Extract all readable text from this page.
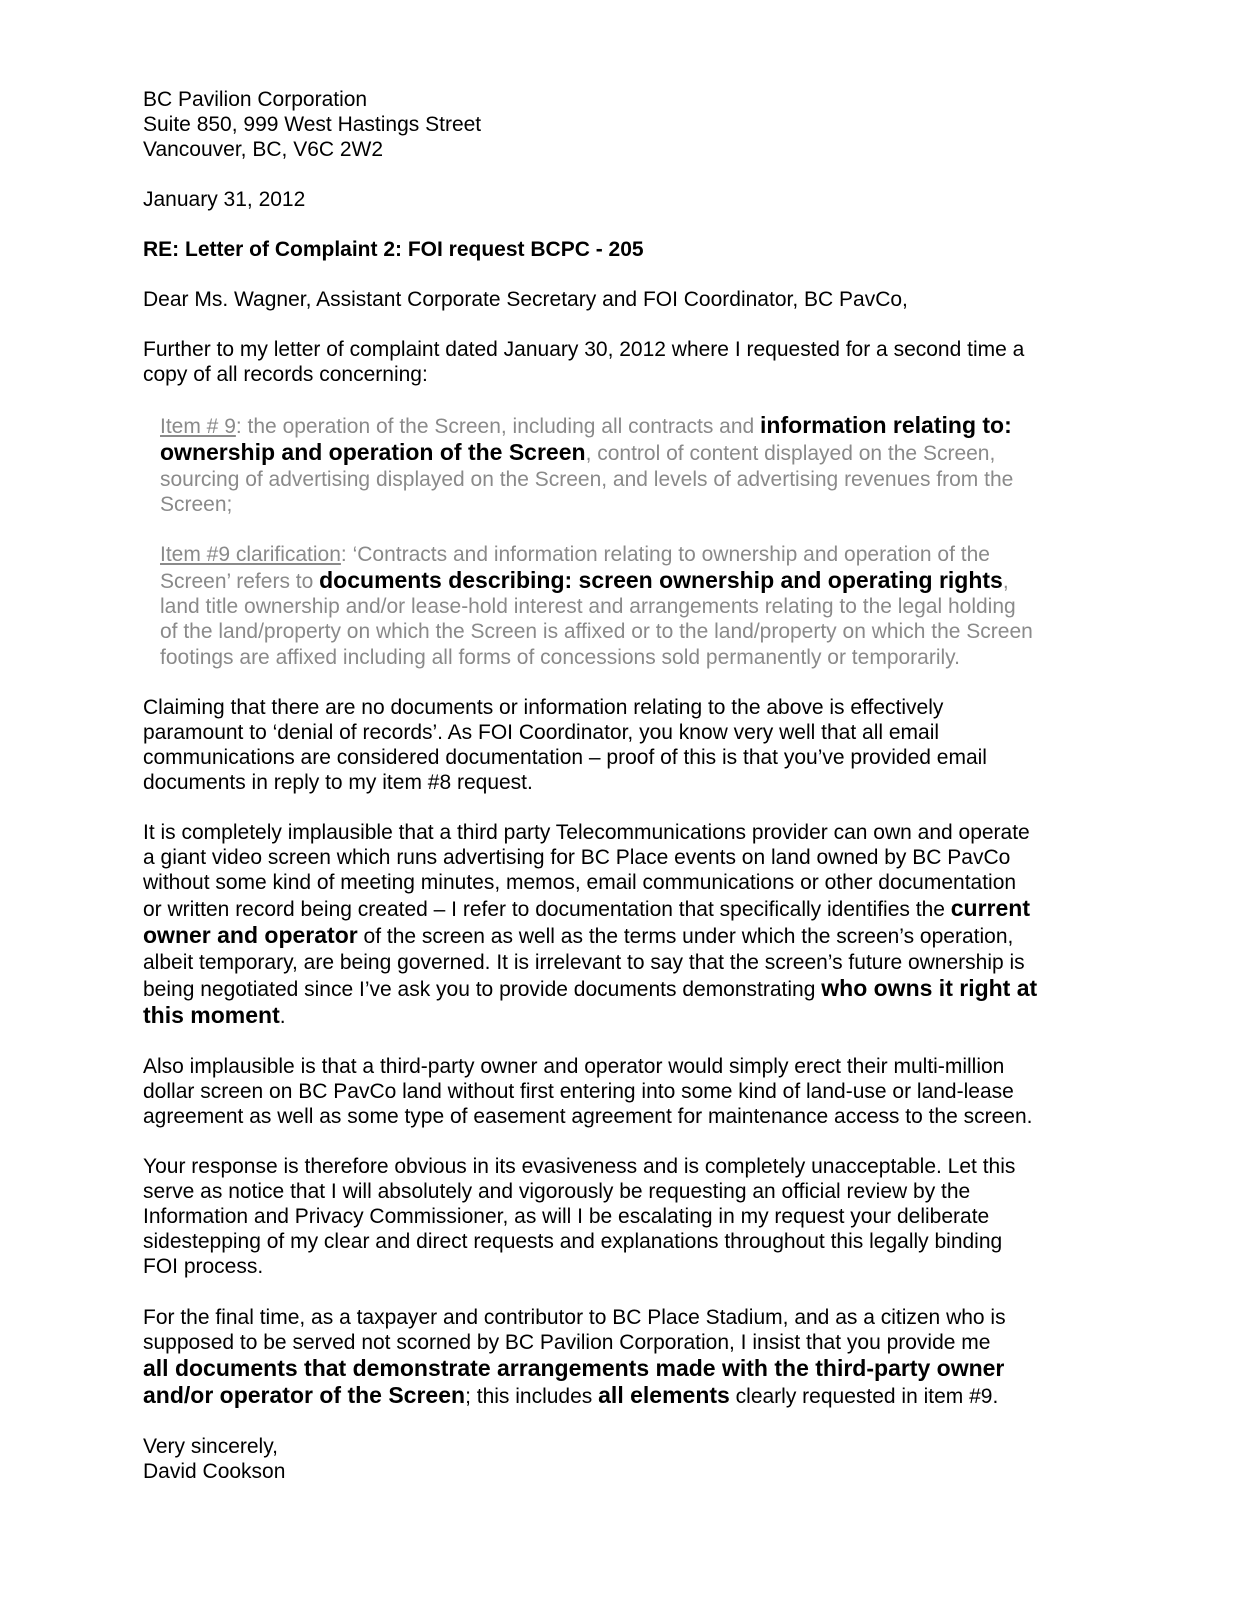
BC Pavilion Corporation
Suite 850, 999 West Hastings Street
Vancouver, BC, V6C 2W2
January 31, 2012
RE: Letter of Complaint 2: FOI request BCPC - 205
Dear Ms. Wagner, Assistant Corporate Secretary and FOI Coordinator, BC PavCo,
Further to my letter of complaint dated January 30, 2012 where I requested for a second time a
copy of all records concerning:
Item # 9: the operation of the Screen, including all contracts and information relating to:
ownership and operation of the Screen, control of content displayed on the Screen,
sourcing of advertising displayed on the Screen, and levels of advertising revenues from the
Screen;
Item #9 clarification: ‘Contracts and information relating to ownership and operation of the
Screen’ refers to documents describing: screen ownership and operating rights,
land title ownership and/or lease-hold interest and arrangements relating to the legal holding
of the land/property on which the Screen is affixed or to the land/property on which the Screen
footings are affixed including all forms of concessions sold permanently or temporarily.
Claiming that there are no documents or information relating to the above is effectively
paramount to ‘denial of records’. As FOI Coordinator, you know very well that all email
communications are considered documentation – proof of this is that you’ve provided email
documents in reply to my item #8 request.
It is completely implausible that a third party Telecommunications provider can own and operate
a giant video screen which runs advertising for BC Place events on land owned by BC PavCo
without some kind of meeting minutes, memos, email communications or other documentation
or written record being created – I refer to documentation that specifically identifies the current
owner and operator of the screen as well as the terms under which the screen’s operation,
albeit temporary, are being governed. It is irrelevant to say that the screen’s future ownership is
being negotiated since I’ve ask you to provide documents demonstrating who owns it right at
this moment.
Also implausible is that a third-party owner and operator would simply erect their multi-million
dollar screen on BC PavCo land without first entering into some kind of land-use or land-lease
agreement as well as some type of easement agreement for maintenance access to the screen.
Your response is therefore obvious in its evasiveness and is completely unacceptable. Let this
serve as notice that I will absolutely and vigorously be requesting an official review by the
Information and Privacy Commissioner, as will I be escalating in my request your deliberate
sidestepping of my clear and direct requests and explanations throughout this legally binding
FOI process.
For the final time, as a taxpayer and contributor to BC Place Stadium, and as a citizen who is
supposed to be served not scorned by BC Pavilion Corporation, I insist that you provide me
all documents that demonstrate arrangements made with the third-party owner
and/or operator of the Screen; this includes all elements clearly requested in item #9.
Very sincerely,
David Cookson
